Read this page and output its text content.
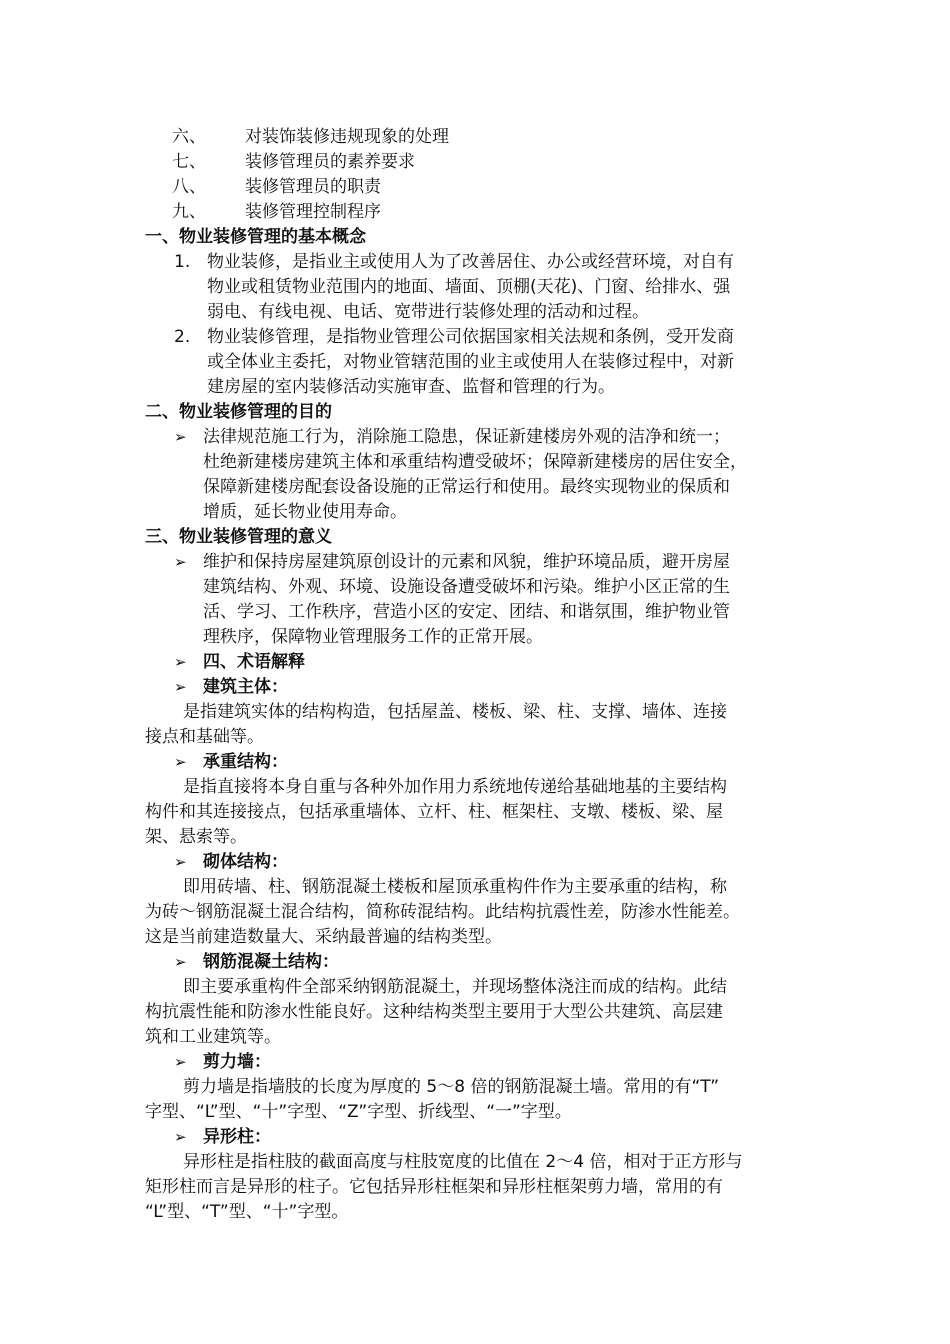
六、 对装饰装修违规现象的处理
七、 装修管理员的素养要求
八、 装修管理员的职责
九、 装修管理控制程序
一、物业装修管理的基本概念
1. 物业装修，是指业主或使用人为了改善居住、办公或经营环境，对自有
物业或租赁物业范围内的地面、墙面、顶棚(天花)、门窗、给排水、强
弱电、有线电视、电话、宽带进行装修处理的活动和过程。
2. 物业装修管理，是指物业管理公司依据国家相关法规和条例，受开发商
或全体业主委托，对物业管辖范围的业主或使用人在装修过程中，对新
建房屋的室内装修活动实施审查、监督和管理的行为。
二、物业装修管理的目的
➢ 法律规范施工行为，消除施工隐患，保证新建楼房外观的洁净和统一；
杜绝新建楼房建筑主体和承重结构遭受破坏；保障新建楼房的居住安全，
保障新建楼房配套设备设施的正常运行和使用。最终实现物业的保质和
增质，延长物业使用寿命。
三、物业装修管理的意义
➢ 维护和保持房屋建筑原创设计的元素和风貌，维护环境品质，避开房屋
建筑结构、外观、环境、设施设备遭受破坏和污染。维护小区正常的生
活、学习、工作秩序，营造小区的安定、团结、和谐氛围，维护物业管
理秩序，保障物业管理服务工作的正常开展。
➢ 四、术语解释
➢ 建筑主体：
是指建筑实体的结构构造，包括屋盖、楼板、梁、柱、支撑、墙体、连接
接点和基础等。
➢ 承重结构：
是指直接将本身自重与各种外加作用力系统地传递给基础地基的主要结构
构件和其连接接点，包括承重墙体、立杆、柱、框架柱、支墩、楼板、梁、屋
架、悬索等。
➢ 砌体结构：
即用砖墙、柱、钢筋混凝土楼板和屋顶承重构件作为主要承重的结构，称
为砖～钢筋混凝土混合结构，简称砖混结构。此结构抗震性差，防渗水性能差。
这是当前建造数量大、采纳最普遍的结构类型。
➢ 钢筋混凝土结构：
即主要承重构件全部采纳钢筋混凝土，并现场整体浇注而成的结构。此结
构抗震性能和防渗水性能良好。这种结构类型主要用于大型公共建筑、高层建
筑和工业建筑等。
➢ 剪力墙：
剪力墙是指墙肢的长度为厚度的 5～8 倍的钢筋混凝土墙。常用的有“T”
字型、“L”型、“十”字型、“Z”字型、折线型、“一”字型。
➢ 异形柱：
异形柱是指柱肢的截面高度与柱肢宽度的比值在 2～4 倍，相对于正方形与
矩形柱而言是异形的柱子。它包括异形柱框架和异形柱框架剪力墙，常用的有
“L”型、“T”型、“十”字型。
